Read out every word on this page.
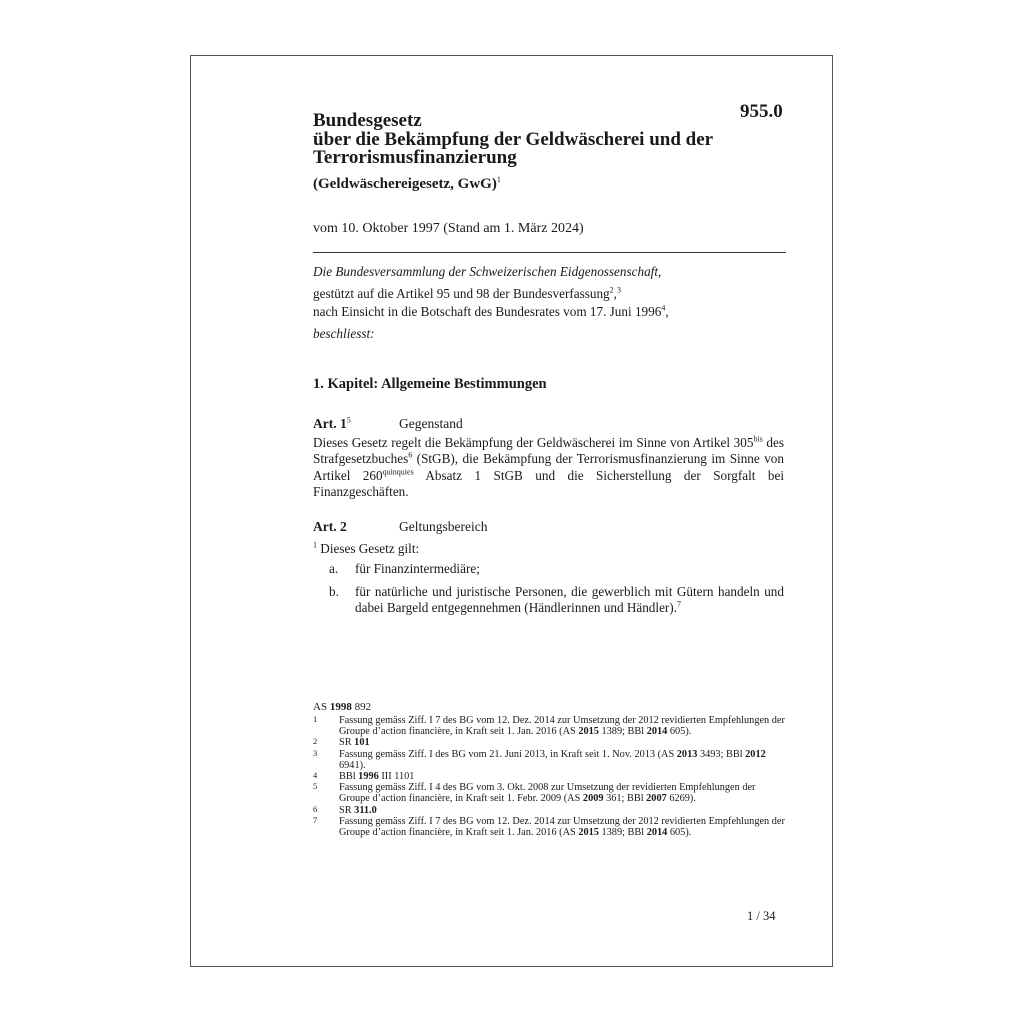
955.0
Bundesgesetz
über die Bekämpfung der Geldwäscherei und der
Terrorismusfinanzierung
(Geldwäschereigesetz, GwG)$^1$
vom 10. Oktober 1997 (Stand am 1. März 2024)
Die Bundesversammlung der Schweizerischen Eidgenossenschaft,
gestützt auf die Artikel 95 und 98 der Bundesverfassung$^2$,$^3$
nach Einsicht in die Botschaft des Bundesrates vom 17. Juni 1996$^4$,
beschliesst:
1. Kapitel: Allgemeine Bestimmungen
Art. $1^5$	Gegenstand
Dieses Gesetz regelt die Bekämpfung der Geldwäscherei im Sinne von Artikel $305^{bis}$ des Strafgesetzbuches$^6$ (StGB), die Bekämpfung der Terrorismusfinanzierung im Sinne von Artikel $260^{quinquies}$ Absatz 1 StGB und die Sicherstellung der Sorgfalt bei Finanzgeschäften.
Art. 2	Geltungsbereich
$^1$ Dieses Gesetz gilt:
a. für Finanzintermediäre;
b. für natürliche und juristische Personen, die gewerblich mit Gütern handeln und dabei Bargeld entgegennehmen (Händlerinnen und Händler).$^7$
AS 1998 892
1 Fassung gemäss Ziff. I 7 des BG vom 12. Dez. 2014 zur Umsetzung der 2012 revidierten Empfehlungen der Groupe d’action financière, in Kraft seit 1. Jan. 2016 (AS 2015 1389; BBl 2014 605).
2 SR 101
3 Fassung gemäss Ziff. I des BG vom 21. Juni 2013, in Kraft seit 1. Nov. 2013 (AS 2013 3493; BBl 2012 6941).
4 BBl 1996 III 1101
5 Fassung gemäss Ziff. I 4 des BG vom 3. Okt. 2008 zur Umsetzung der revidierten Empfehlungen der Groupe d’action financière, in Kraft seit 1. Febr. 2009 (AS 2009 361; BBl 2007 6269).
6 SR 311.0
7 Fassung gemäss Ziff. I 7 des BG vom 12. Dez. 2014 zur Umsetzung der 2012 revidierten Empfehlungen der Groupe d’action financière, in Kraft seit 1. Jan. 2016 (AS 2015 1389; BBl 2014 605).
1 / 34
